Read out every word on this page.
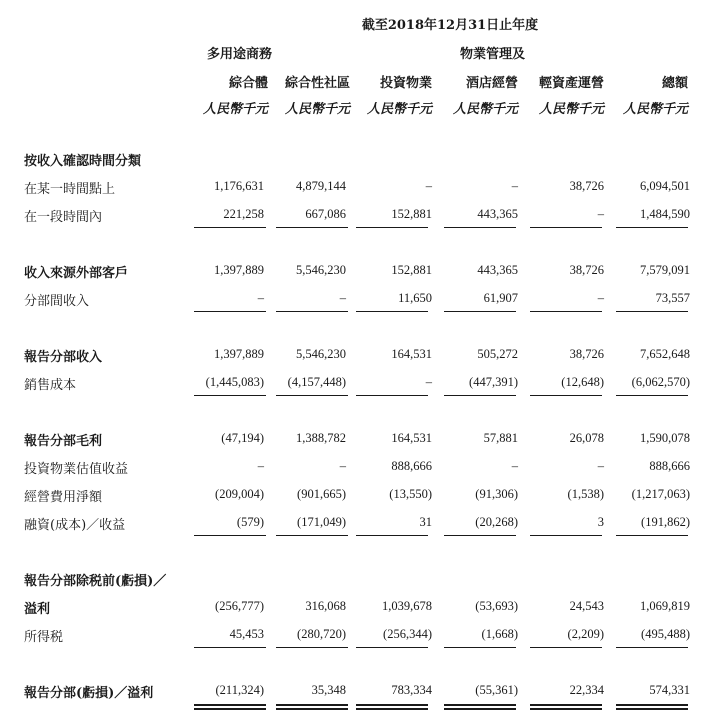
截至2018年12月31日止年度
多用途商務	物業管理及
綜合體	綜合性社區	投資物業	酒店經營	輕資產運營	總額
人民幣千元	人民幣千元	人民幣千元	人民幣千元	人民幣千元	人民幣千元
按收入確認時間分類
在某一時間點上	1,176,631	4,879,144	–	–	38,726	6,094,501
在一段時間內	221,258	667,086	152,881	443,365	–	1,484,590
收入來源外部客戶	1,397,889	5,546,230	152,881	443,365	38,726	7,579,091
分部間收入	–	–	11,650	61,907	–	73,557
報告分部收入	1,397,889	5,546,230	164,531	505,272	38,726	7,652,648
銷售成本	(1,445,083)	(4,157,448)	–	(447,391)	(12,648)	(6,062,570)
報告分部毛利	(47,194)	1,388,782	164,531	57,881	26,078	1,590,078
投資物業估值收益	–	–	888,666	–	–	888,666
經營費用淨額	(209,004)	(901,665)	(13,550)	(91,306)	(1,538)	(1,217,063)
融資(成本)／收益	(579)	(171,049)	31	(20,268)	3	(191,862)
報告分部除税前(虧損)／
溢利	(256,777)	316,068	1,039,678	(53,693)	24,543	1,069,819
所得税	45,453	(280,720)	(256,344)	(1,668)	(2,209)	(495,488)
報告分部(虧損)／溢利	(211,324)	35,348	783,334	(55,361)	22,334	574,331
